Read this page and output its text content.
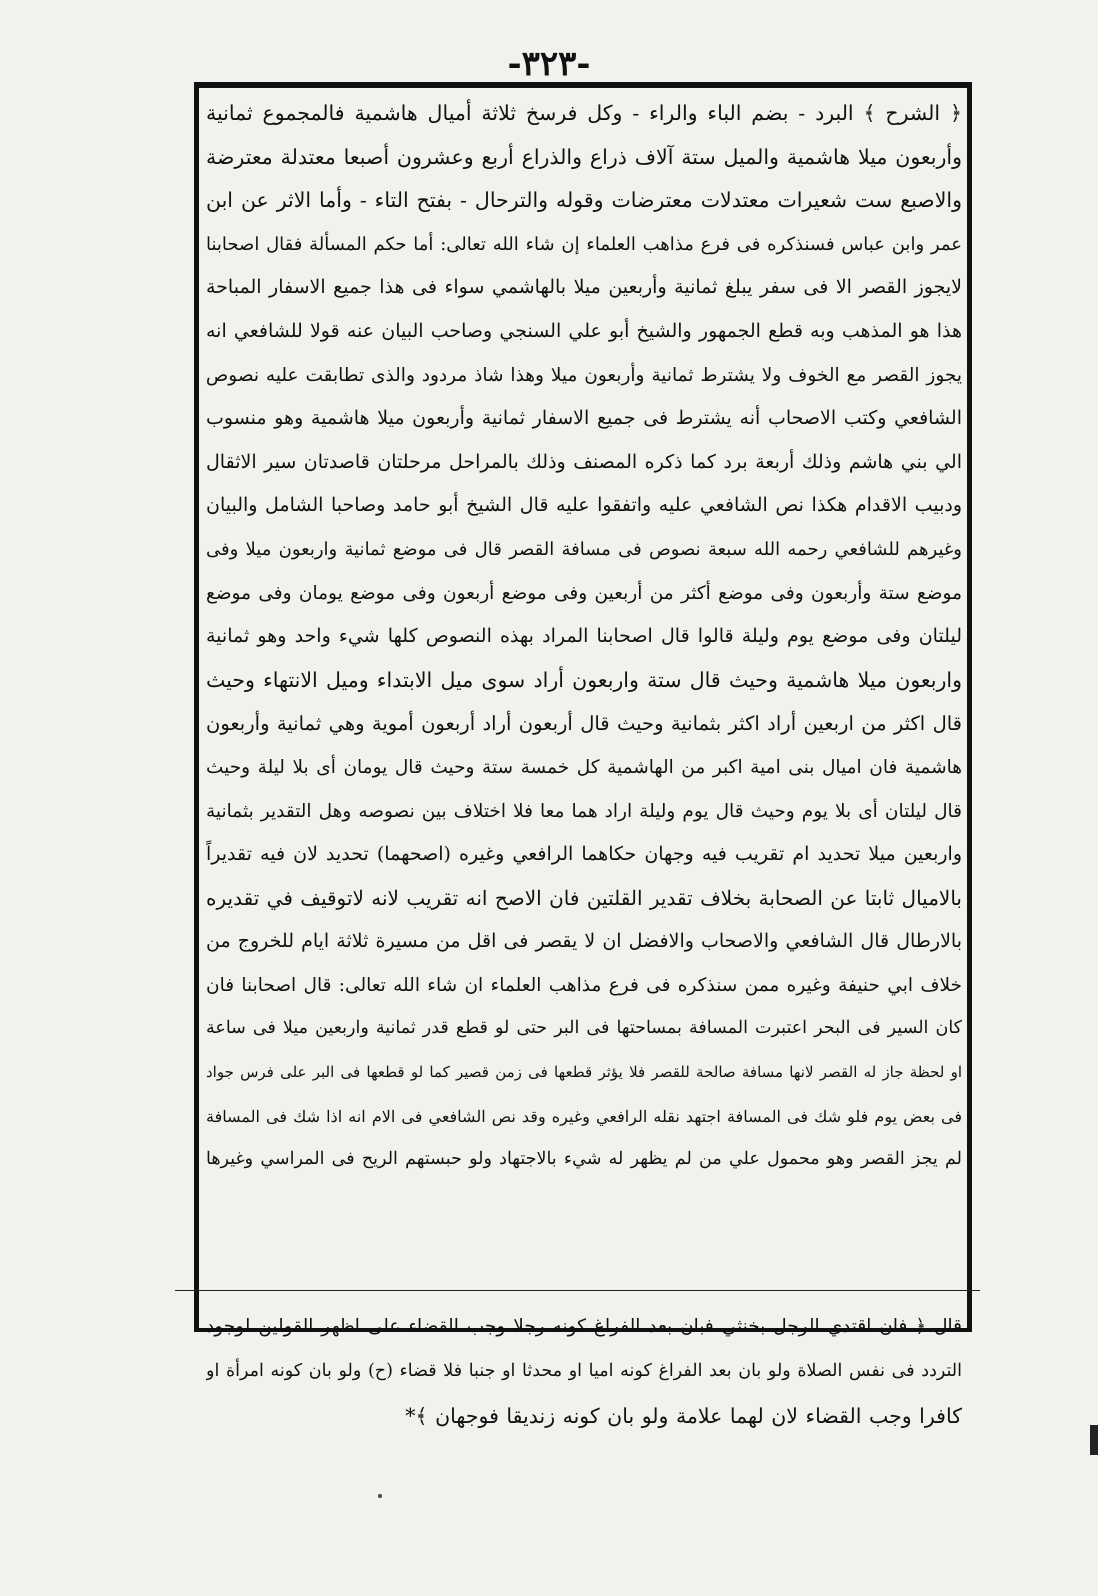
-٣٢٣-
﴿ الشرح ﴾ البرد - بضم الباء والراء - وكل فرسخ ثلاثة أميال هاشمية فالمجموع ثمانية
وأربعون ميلا هاشمية والميل ستة آلاف ذراع والذراع أربع وعشرون أصبعا معتدلة معترضة
والاصبع ست شعيرات معتدلات معترضات وقوله والترحال - بفتح التاء - وأما الاثر عن ابن
عمر وابن عباس فسنذكره فى فرع مذاهب العلماء إن شاء الله تعالى: أما حكم المسألة فقال اصحابنا
لايجوز القصر الا فى سفر يبلغ ثمانية وأربعين ميلا بالهاشمي سواء فى هذا جميع الاسفار المباحة
هذا هو المذهب وبه قطع الجمهور والشيخ أبو علي السنجي وصاحب البيان عنه قولا للشافعي انه
يجوز القصر مع الخوف ولا يشترط ثمانية وأربعون ميلا وهذا شاذ مردود والذى تطابقت عليه نصوص
الشافعي وكتب الاصحاب أنه يشترط فى جميع الاسفار ثمانية وأربعون ميلا هاشمية وهو منسوب
الي بني هاشم وذلك أربعة برد كما ذكره المصنف وذلك بالمراحل مرحلتان قاصدتان سير الاثقال
ودبيب الاقدام هكذا نص الشافعي عليه واتفقوا عليه قال الشيخ أبو حامد وصاحبا الشامل والبيان
وغيرهم للشافعي رحمه الله سبعة نصوص فى مسافة القصر قال فى موضع ثمانية واربعون ميلا وفى
موضع ستة وأربعون وفى موضع أكثر من أربعين وفى موضع أربعون وفى موضع يومان وفى موضع
ليلتان وفى موضع يوم وليلة قالوا قال اصحابنا المراد بهذه النصوص كلها شيء واحد وهو ثمانية
واربعون ميلا هاشمية وحيث قال ستة واربعون أراد سوى ميل الابتداء وميل الانتهاء وحيث
قال اكثر من اربعين أراد اكثر بثمانية وحيث قال أربعون أراد أربعون أموية وهي ثمانية وأربعون
هاشمية فان اميال بنى امية اكبر من الهاشمية كل خمسة ستة وحيث قال يومان أى بلا ليلة وحيث
قال ليلتان أى بلا يوم وحيث قال يوم وليلة اراد هما معا فلا اختلاف بين نصوصه وهل التقدير بثمانية
واربعين ميلا تحديد ام تقريب فيه وجهان حكاهما الرافعي وغيره (اصحهما) تحديد لان فيه تقديراً
بالاميال ثابتا عن الصحابة بخلاف تقدير القلتين فان الاصح انه تقريب لانه لاتوقيف في تقديره
بالارطال قال الشافعي والاصحاب والافضل ان لا يقصر فى اقل من مسيرة ثلاثة ايام للخروج من
خلاف ابي حنيفة وغيره ممن سنذكره فى فرع مذاهب العلماء ان شاء الله تعالى: قال اصحابنا فان
كان السير فى البحر اعتبرت المسافة بمساحتها فى البر حتى لو قطع قدر ثمانية واربعين ميلا فى ساعة
او لحظة جاز له القصر لانها مسافة صالحة للقصر فلا يؤثر قطعها فى زمن قصير كما لو قطعها فى البر على فرس جواد
فى بعض يوم فلو شك فى المسافة اجتهد نقله الرافعي وغيره وقد نص الشافعي فى الام انه اذا شك فى المسافة
لم يجز القصر وهو محمول علي من لم يظهر له شيء بالاجتهاد ولو حبستهم الريح فى المراسي وغيرها
قال ﴿ فان اقتدي الرجل بخنثي فبان بعد الفراغ كونه رجلا وجب القضاء على اظهر القولين لوجود
التردد فى نفس الصلاة ولو بان بعد الفراغ كونه اميا او محدثا او جنبا فلا قضاء (ح) ولو بان كونه امرأة او
كافرا وجب القضاء لان لهما علامة ولو بان كونه زنديقا فوجهان ﴾*
